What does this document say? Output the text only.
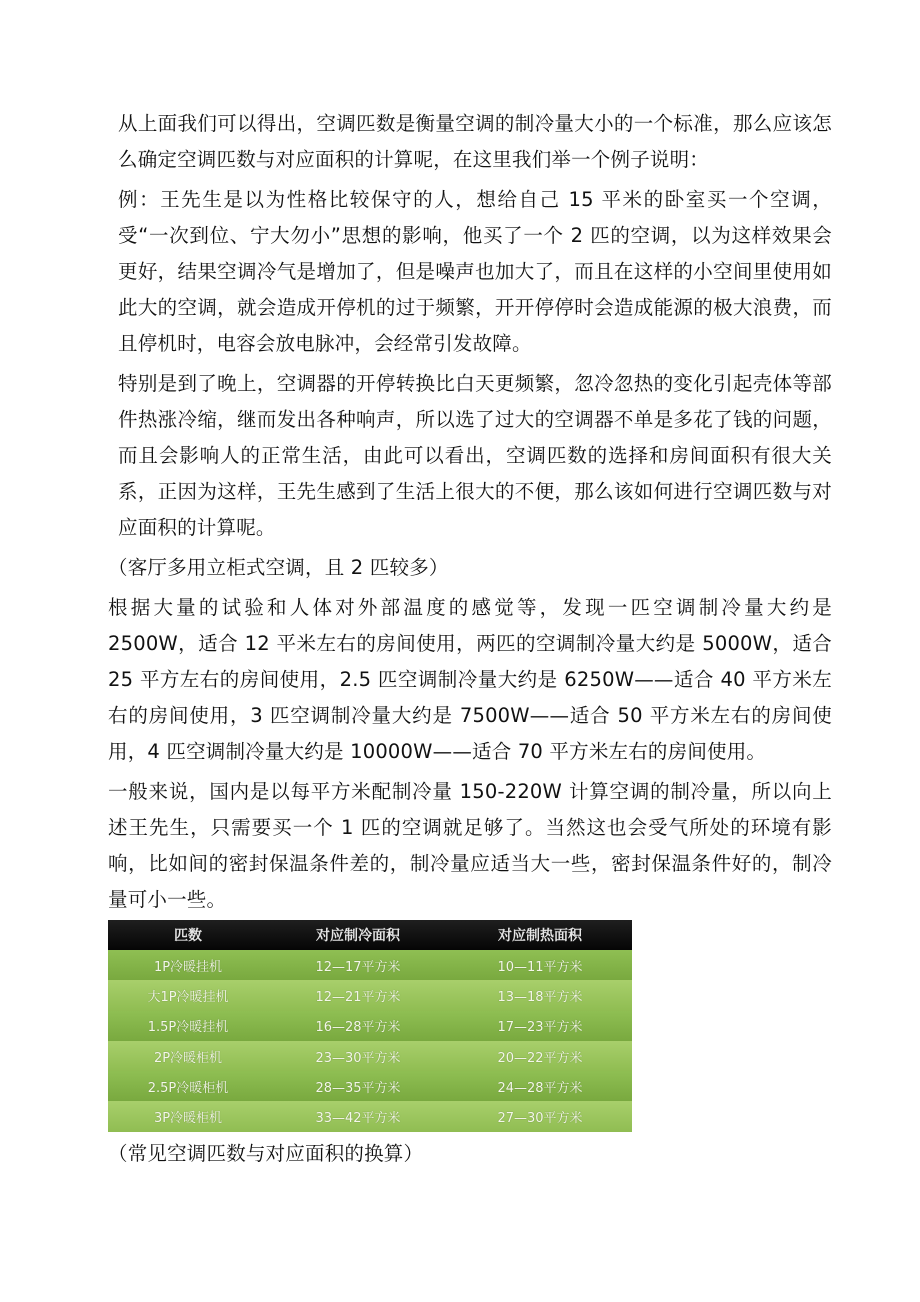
从上面我们可以得出，空调匹数是衡量空调的制冷量大小的一个标准，那么应该怎么确定空调匹数与对应面积的计算呢，在这里我们举一个例子说明：

例：王先生是以为性格比较保守的人，想给自己 15 平米的卧室买一个空调，受“一次到位、宁大勿小”思想的影响，他买了一个 2 匹的空调，以为这样效果会更好，结果空调冷气是增加了，但是噪声也加大了，而且在这样的小空间里使用如此大的空调，就会造成开停机的过于频繁，开开停停时会造成能源的极大浪费，而且停机时，电容会放电脉冲，会经常引发故障。

特别是到了晚上，空调器的开停转换比白天更频繁，忽冷忽热的变化引起壳体等部件热涨冷缩，继而发出各种响声，所以选了过大的空调器不单是多花了钱的问题，而且会影响人的正常生活，由此可以看出，空调匹数的选择和房间面积有很大关系，正因为这样，王先生感到了生活上很大的不便，那么该如何进行空调匹数与对应面积的计算呢。

（客厅多用立柜式空调，且 2 匹较多）

根据大量的试验和人体对外部温度的感觉等，发现一匹空调制冷量大约是 2500W，适合 12 平米左右的房间使用，两匹的空调制冷量大约是 5000W，适合 25 平方左右的房间使用，2.5 匹空调制冷量大约是 6250W——适合 40 平方米左右的房间使用，3 匹空调制冷量大约是 7500W——适合 50 平方米左右的房间使用，4 匹空调制冷量大约是 10000W——适合 70 平方米左右的房间使用。

一般来说，国内是以每平方米配制冷量 150-220W 计算空调的制冷量，所以向上述王先生，只需要买一个 1 匹的空调就足够了。当然这也会受气所处的环境有影响，比如间的密封保温条件差的，制冷量应适当大一些，密封保温条件好的，制冷量可小一些。

匹数	对应制冷面积	对应制热面积
1P冷暖挂机	12—17平方米	10—11平方米
大1P冷暖挂机	12—21平方米	13—18平方米
1.5P冷暖挂机	16—28平方米	17—23平方米
2P冷暖柜机	23—30平方米	20—22平方米
2.5P冷暖柜机	28—35平方米	24—28平方米
3P冷暖柜机	33—42平方米	27—30平方米

（常见空调匹数与对应面积的换算）
